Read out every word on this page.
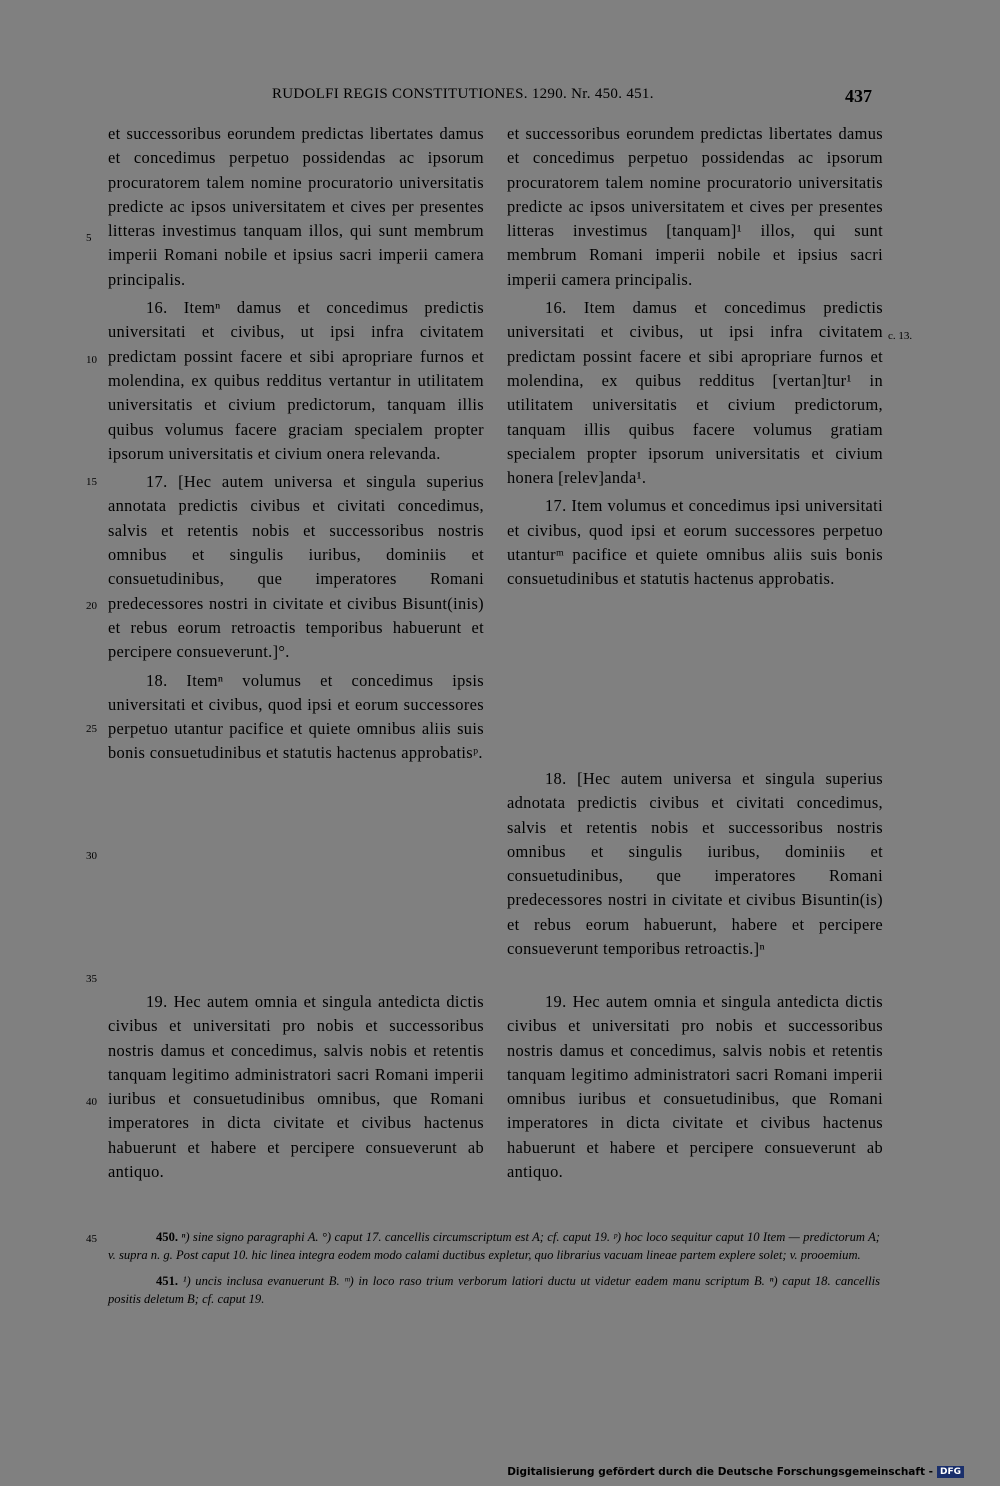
RUDOLFI REGIS CONSTITUTIONES. 1290. Nr. 450. 451.	437

et successoribus eorundem predictas libertates damus et concedimus perpetuo possidendas ac ipsorum procuratorem talem nomine procuratorio universitatis predicte ac ipsos universitatem et cives per presentes litteras investimus tanquam illos, qui sunt membrum imperii Romani nobile et ipsius sacri imperii camera principalis.

16. Itemⁿ damus et concedimus predictis universitati et civibus, ut ipsi infra civitatem predictam possint facere et sibi apropriare furnos et molendina, ex quibus redditus vertantur in utilitatem universitatis et civium predictorum, tanquam illis quibus volumus facere graciam specialem propter ipsorum universitatis et civium onera relevanda.

17. [Hec autem universa et singula superius annotata predictis civibus et civitati concedimus, salvis et retentis nobis et successoribus nostris omnibus et singulis iuribus, dominiis et consuetudinibus, que imperatores Romani predecessores nostri in civitate et civibus Bisunt(inis) et rebus eorum retroactis temporibus habuerunt et percipere consueverunt.]°.

18. Itemⁿ volumus et concedimus ipsis universitati et civibus, quod ipsi et eorum successores perpetuo utantur pacifice et quiete omnibus aliis suis bonis consuetudinibus et statutis hactenus approbatisᵖ.

19. Hec autem omnia et singula antedicta dictis civibus et universitati pro nobis et successoribus nostris damus et concedimus, salvis nobis et retentis tanquam legitimo administratori sacri Romani imperii iuribus et consuetudinibus omnibus, que Romani imperatores in dicta civitate et civibus hactenus habuerunt et habere et percipere consueverunt ab antiquo.

et successoribus eorundem predictas libertates damus et concedimus perpetuo possidendas ac ipsorum procuratorem talem nomine procuratorio universitatis predicte ac ipsos universitatem et cives per presentes litteras investimus [tanquam]¹ illos, qui sunt membrum Romani imperii nobile et ipsius sacri imperii camera principalis.

16. Item damus et concedimus predictis universitati et civibus, ut ipsi infra civitatem predictam possint facere et sibi apropriare furnos et molendina, ex quibus redditus [vertan]tur¹ in utilitatem universitatis et civium predictorum, tanquam illis quibus facere volumus gratiam specialem propter ipsorum universitatis et civium honera [relev]anda¹.

17. Item volumus et concedimus ipsi universitati et civibus, quod ipsi et eorum successores perpetuo utanturᵐ pacifice et quiete omnibus aliis suis bonis consuetudinibus et statutis hactenus approbatis.

18. [Hec autem universa et singula superius adnotata predictis civibus et civitati concedimus, salvis et retentis nobis et successoribus nostris omnibus et singulis iuribus, dominiis et consuetudinibus, que imperatores Romani predecessores nostri in civitate et civibus Bisuntin(is) et rebus eorum habuerunt, habere et percipere consueverunt temporibus retroactis.]ⁿ

19. Hec autem omnia et singula antedicta dictis civibus et universitati pro nobis et successoribus nostris damus et concedimus, salvis nobis et retentis tanquam legitimo administratori sacri Romani imperii omnibus iuribus et consuetudinibus, que Romani imperatores in dicta civitate et civibus hactenus habuerunt et habere et percipere consueverunt ab antiquo.

c. 13.
5
10
15
20
25
30
35
40
45	450. ⁿ) sine signo paragraphi A. °) caput 17. cancellis circumscriptum est A; cf. caput 19. ᵖ) hoc loco sequitur caput 10 Item — predictorum A; v. supra n. g. Post caput 10. hic linea integra eodem modo calami ductibus expletur, quo librarius vacuam lineae partem explere solet; v. prooemium.

451. ¹) uncis inclusa evanuerunt B. ᵐ) in loco raso trium verborum latiori ductu ut videtur eadem manu scriptum B. ⁿ) caput 18. cancellis positis deletum B; cf. caput 19.

Digitalisierung gefördert durch die Deutsche Forschungsgemeinschaft - DFG
